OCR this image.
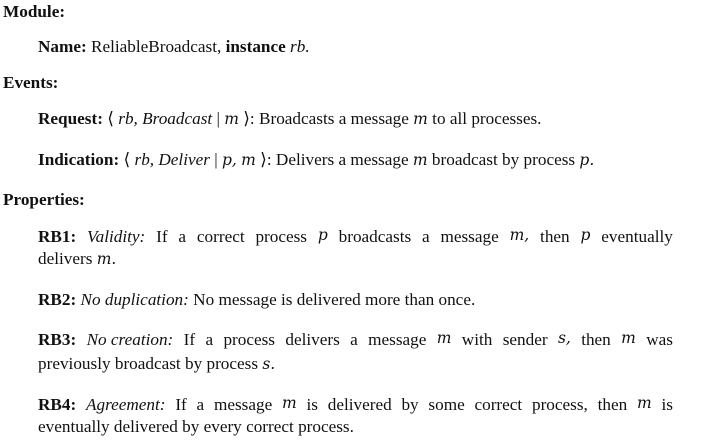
Module:
Name: ReliableBroadcast, instance rb.
Events:
Request: ⟨ rb, Broadcast | m ⟩: Broadcasts a message m to all processes.
Indication: ⟨ rb, Deliver | p, m ⟩: Delivers a message m broadcast by process p.
Properties:
RB1: Validity: If a correct process p broadcasts a message m, then p eventually
delivers m.
RB2: No duplication: No message is delivered more than once.
RB3: No creation: If a process delivers a message m with sender s, then m was
previously broadcast by process s.
RB4: Agreement: If a message m is delivered by some correct process, then m is
eventually delivered by every correct process.
